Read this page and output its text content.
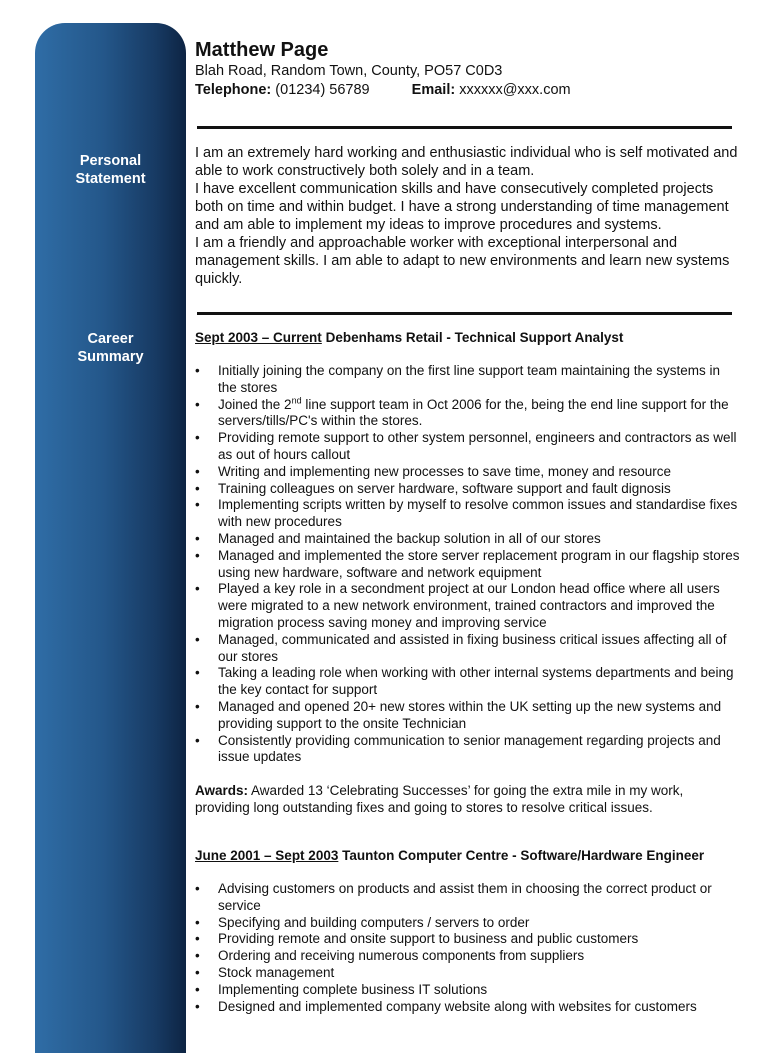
Personal
Statement
Career
Summary
Matthew Page
Blah Road, Random Town, County, PO57 C0D3
Telephone: (01234) 56789	Email: xxxxxx@xxx.com

I am an extremely hard working and enthusiastic individual who is self motivated and able to work constructively both solely and in a team.

I have excellent communication skills and have consecutively completed projects both on time and within budget. I have a strong understanding of time management and am able to implement my ideas to improve procedures and systems.

I am a friendly and approachable worker with exceptional interpersonal and management skills. I am able to adapt to new environments and learn new systems quickly.

Sept 2003 – Current Debenhams Retail - Technical Support Analyst

• Initially joining the company on the first line support team maintaining the systems in the stores
• Joined the 2nd line support team in Oct 2006 for the, being the end line support for the servers/tills/PC's within the stores.
• Providing remote support to other system personnel, engineers and contractors as well as out of hours callout
• Writing and implementing new processes to save time, money and resource
• Training colleagues on server hardware, software support and fault dignosis
• Implementing scripts written by myself to resolve common issues and standardise fixes with new procedures
• Managed and maintained the backup solution in all of our stores
• Managed and implemented the store server replacement program in our flagship stores using new hardware, software and network equipment
• Played a key role in a secondment project at our London head office where all users were migrated to a new network environment, trained contractors and improved the migration process saving money and improving service
• Managed, communicated and assisted in fixing business critical issues affecting all of our stores
• Taking a leading role when working with other internal systems departments and being the key contact for support
• Managed and opened 20+ new stores within the UK setting up the new systems and providing support to the onsite Technician
• Consistently providing communication to senior management regarding projects and issue updates

Awards: Awarded 13 ‘Celebrating Successes’ for going the extra mile in my work, providing long outstanding fixes and going to stores to resolve critical issues.

June 2001 – Sept 2003 Taunton Computer Centre - Software/Hardware Engineer

• Advising customers on products and assist them in choosing the correct product or service
• Specifying and building computers / servers to order
• Providing remote and onsite support to business and public customers
• Ordering and receiving numerous components from suppliers
• Stock management
• Implementing complete business IT solutions
• Designed and implemented company website along with websites for customers
